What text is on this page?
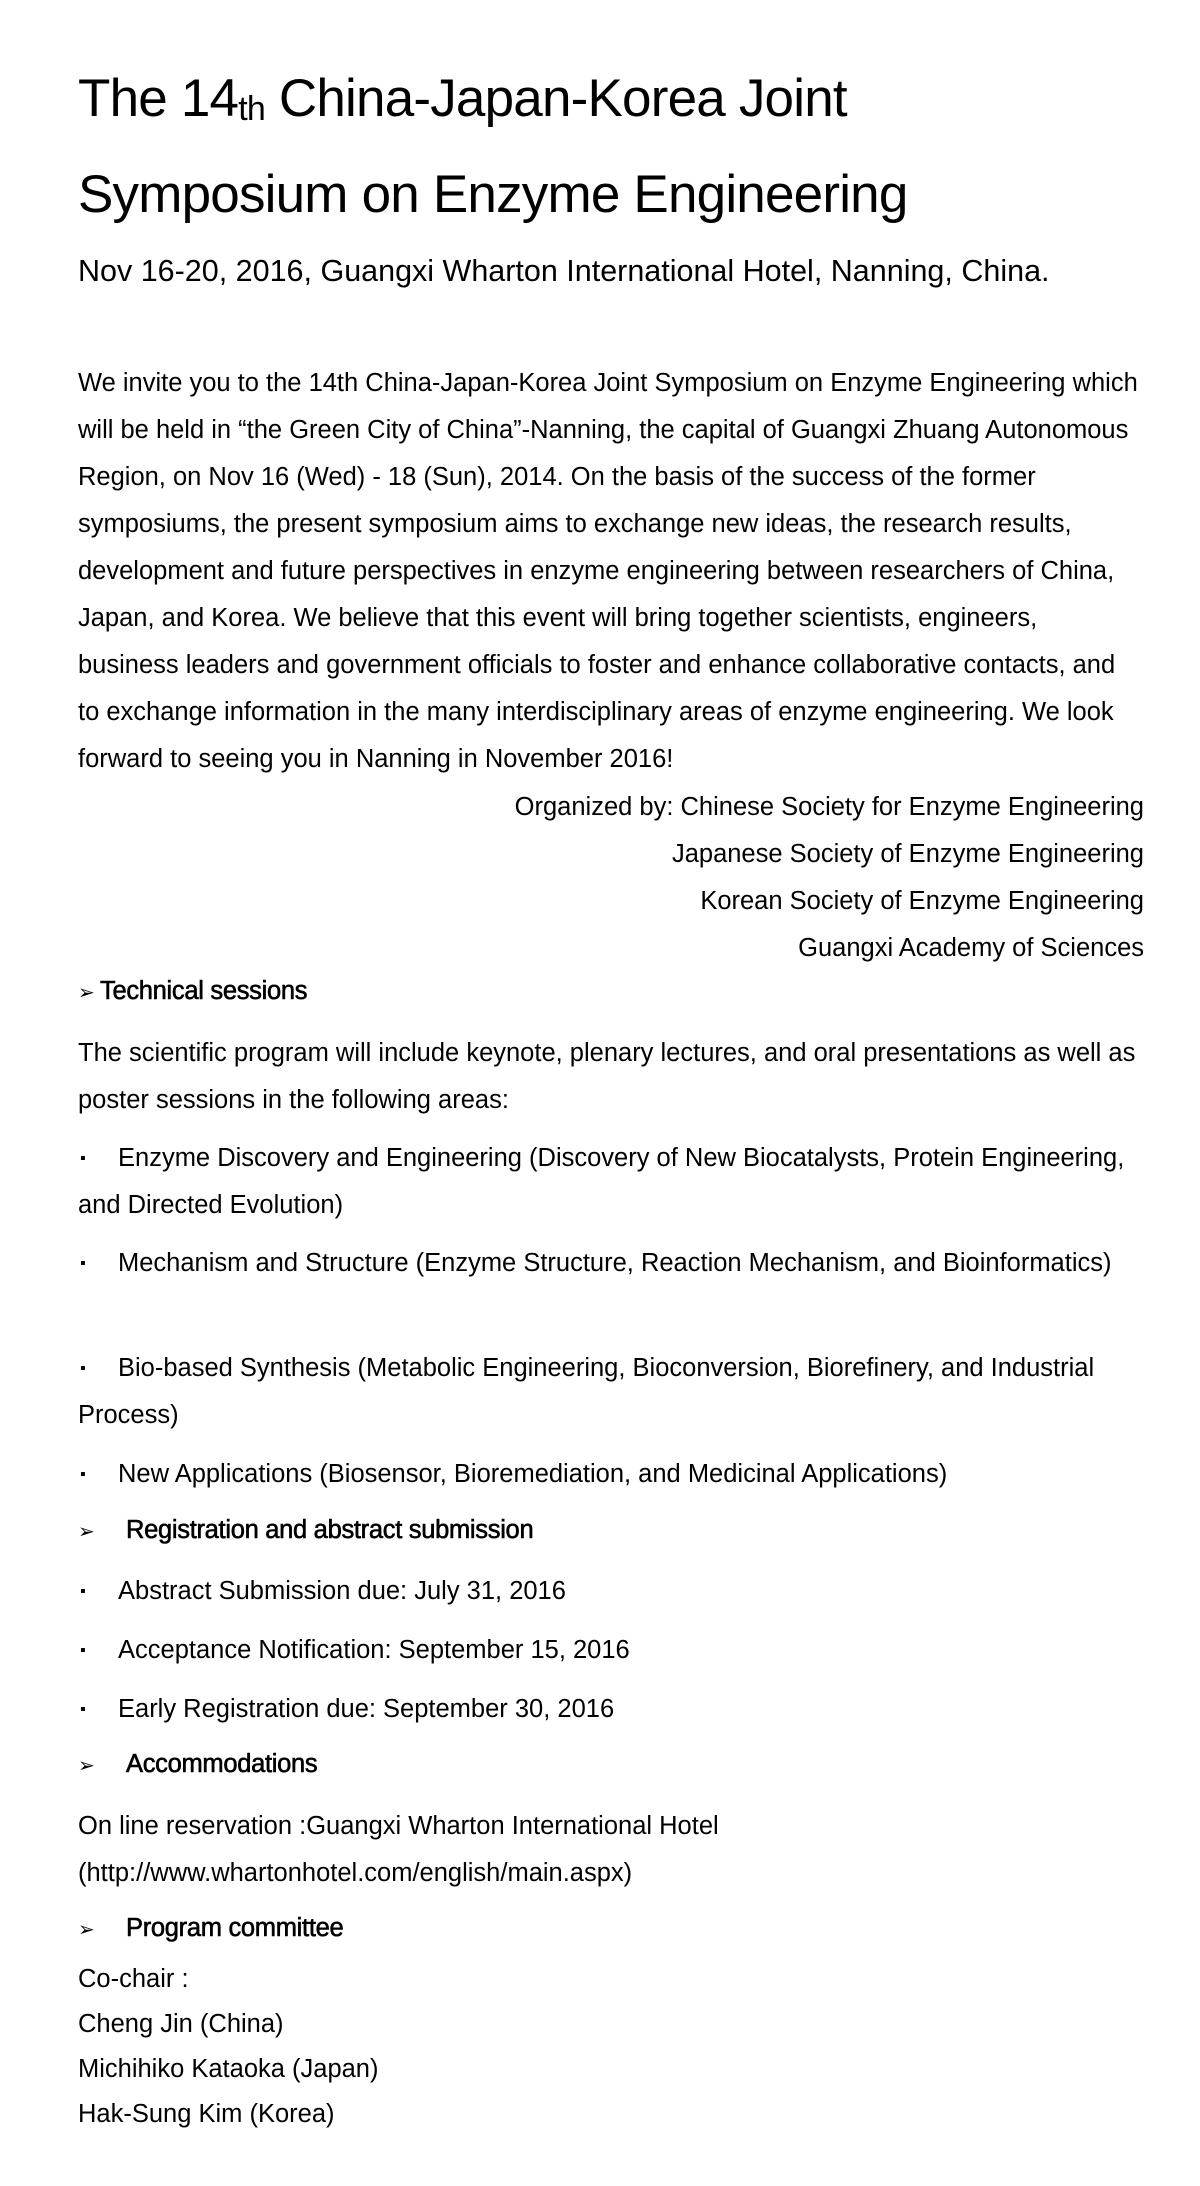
The $14_{th}$ China-Japan-Korea Joint
Symposium on Enzyme Engineering
Nov 16-20, 2016, Guangxi Wharton International Hotel, Nanning, China.

We invite you to the 14th China-Japan-Korea Joint Symposium on Enzyme Engineering which will be held in “the Green City of China”-Nanning, the capital of Guangxi Zhuang Autonomous Region, on Nov 16 (Wed) - 18 (Sun), 2014. On the basis of the success of the former symposiums, the present symposium aims to exchange new ideas, the research results, development and future perspectives in enzyme engineering between researchers of China, Japan, and Korea. We believe that this event will bring together scientists, engineers, business leaders and government officials to foster and enhance collaborative contacts, and to exchange information in the many interdisciplinary areas of enzyme engineering. We look forward to seeing you in Nanning in November 2016!

Organized by: Chinese Society for Enzyme Engineering
Japanese Society of Enzyme Engineering
Korean Society of Enzyme Engineering
Guangxi Academy of Sciences
➢ Technical sessions

The scientific program will include keynote, plenary lectures, and oral presentations as well as poster sessions in the following areas:

▪ Enzyme Discovery and Engineering (Discovery of New Biocatalysts, Protein Engineering, and Directed Evolution)

▪ Mechanism and Structure (Enzyme Structure, Reaction Mechanism, and Bioinformatics)

▪ Bio-based Synthesis (Metabolic Engineering, Bioconversion, Biorefinery, and Industrial Process)

▪ New Applications (Biosensor, Bioremediation, and Medicinal Applications)

➢ Registration and abstract submission

▪ Abstract Submission due: July 31, 2016

▪ Acceptance Notification: September 15, 2016

▪ Early Registration due: September 30, 2016

➢ Accommodations
On line reservation :Guangxi Wharton International Hotel
(http://www.whartonhotel.com/english/main.aspx)
➢ Program committee
Co-chair :
Cheng Jin (China)
Michihiko Kataoka (Japan)
Hak-Sung Kim (Korea)
